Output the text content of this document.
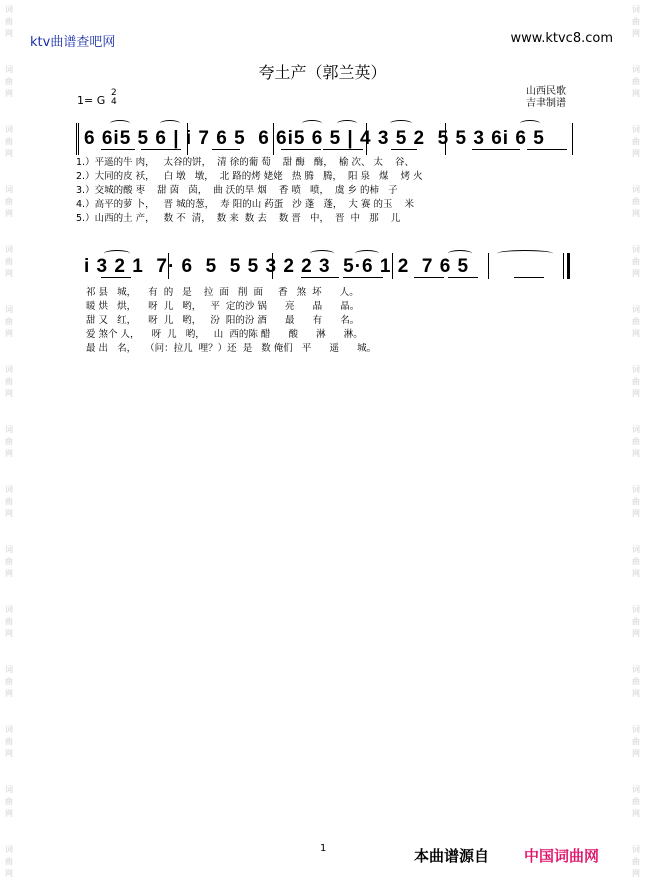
词
曲
网
词
曲
网
词
曲
网
词
曲
网
词
曲
网
词
曲
网
词
曲
网
词
曲
网
词
曲
网
词
曲
网
词
曲
网
词
曲
网
词
曲
网
词
曲
网
词
曲
网
词
曲
网
词
曲
网
词
曲
网
词
曲
网
词
曲
网
词
曲
网
词
曲
网
词
曲
网
词
曲
网
词
曲
网
词
曲
网
词
曲
网
词
曲
网
词
曲
网
词
曲
网
ktv曲谱查吧网	www.ktvc8.com
夸土产（郭兰英）
山西民歌
吉聿制谱
1= G
2
4
6 6i5 5 6 | i 7 6 5  6 6i5 6 5 | 4 3 5 2  5 5 3 6i 6 5
1.）平遥的牛 肉，   太谷的饼，  清 徐的葡 萄    甜 酶   酶，  榆 次、 太    谷、
2.）大同的皮 袄，   白 墩   墩，  北 路的烤 姥姥   热 腾   腾，  阳 泉   煤    烤 火
3.）交城的酸 枣    甜 茵   茵，  曲 沃的旱 烟    香 喷   喷，  虞 乡 的柿   子
4.）高平的萝 卜，   晋 城的葱，  寿 阳的山 药蛋   沙 蓬   蓬，  大 赛 的玉    米
5.）山西的土 产，   数 不  清，  数 来  数 去    数 晋   中，  晋  中   那    儿
i 3 2 1  7· 6  5  5 5 3 2 2 3  5·6 1 2  7 6 5
祁 县   城，    有  的   是    拉  面   削  面     香   煞  坏      人。
暖 烘   烘，    呀  儿   哟，   平  定的沙 锅      亮      晶      晶。
甜 又   红，    呀  儿   哟，   汾  阳的汾 酒      最      有      名。
爱 煞个 人，    呀  儿   哟，   山  西的陈 醋      酸      淋      淋。
最 出   名，   （问：拉儿  哩？）还  是   数 俺们   平      遥      城。
1	本曲谱源自 中国词曲网
